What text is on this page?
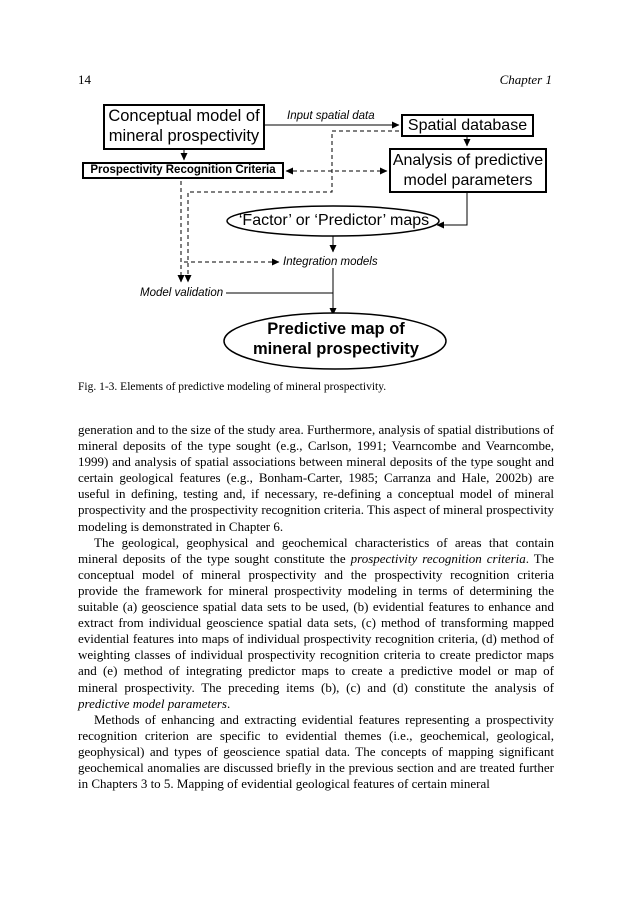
14	Chapter 1
Conceptual model of
mineral prospectivity
Spatial database
Analysis of predictive
model parameters
Prospectivity Recognition Criteria
‘Factor’ or ‘Predictor’ maps
Predictive map of
mineral prospectivity
Input spatial data
Integration models
Model validation
Fig. 1-3. Elements of predictive modeling of mineral prospectivity.

generation and to the size of the study area. Furthermore, analysis of spatial distributions of mineral deposits of the type sought (e.g., Carlson, 1991; Vearncombe and Vearncombe, 1999) and analysis of spatial associations between mineral deposits of the type sought and certain geological features (e.g., Bonham-Carter, 1985; Carranza and Hale, 2002b) are useful in defining, testing and, if necessary, re-defining a conceptual model of mineral prospectivity and the prospectivity recognition criteria. This aspect of mineral prospectivity modeling is demonstrated in Chapter 6.

The geological, geophysical and geochemical characteristics of areas that contain mineral deposits of the type sought constitute the prospectivity recognition criteria. The conceptual model of mineral prospectivity and the prospectivity recognition criteria provide the framework for mineral prospectivity modeling in terms of determining the suitable (a) geoscience spatial data sets to be used, (b) evidential features to enhance and extract from individual geoscience spatial data sets, (c) method of transforming mapped evidential features into maps of individual prospectivity recognition criteria, (d) method of weighting classes of individual prospectivity recognition criteria to create predictor maps and (e) method of integrating predictor maps to create a predictive model or map of mineral prospectivity. The preceding items (b), (c) and (d) constitute the analysis of predictive model parameters.

Methods of enhancing and extracting evidential features representing a prospectivity recognition criterion are specific to evidential themes (i.e., geochemical, geological, geophysical) and types of geoscience spatial data. The concepts of mapping significant geochemical anomalies are discussed briefly in the previous section and are treated further in Chapters 3 to 5. Mapping of evidential geological features of certain mineral
